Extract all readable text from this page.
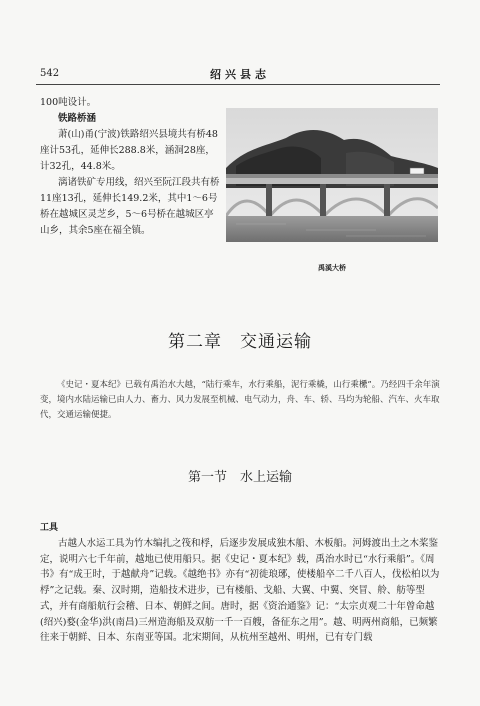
542	绍兴县志

100吨设计。

铁路桥涵

萧(山)甬(宁波)铁路绍兴县境共有桥48座计53孔，延伸长288.8米，涵洞28座，计32孔，44.8米。

漓诸铁矿专用线，绍兴至阮江段共有桥11座13孔，延伸长149.2米，其中1～6号桥在越城区灵芝乡，5～6号桥在越城区亭山乡，其余5座在福全镇。

禹溪大桥
第二章　交通运输

《史记・夏本纪》已载有禹治水大越，“陆行乘车，水行乘船，泥行乘橇，山行乘欙”。乃经四千余年演变，境内水陆运输已由人力、畜力、风力发展至机械、电气动力，舟、车、轿、马均为轮船、汽车、火车取代，交通运输便捷。

第一节　水上运输
工具

古越人水运工具为竹木编扎之筏和桴，后逐步发展成独木船、木板船。河姆渡出土之木桨鉴定，说明六七千年前，越地已使用船只。据《史记・夏本纪》载，禹治水时已“水行乘船”。《周书》有“成王时，于越献舟”记载。《越绝书》亦有“初徙琅琊，使楼船卒二千八百人，伐松柏以为桴”之记载。秦、汉时期，造船技术进步，已有楼船、戈船、大翼、中翼、突冒、舲、舫等型式，并有商船航行会稽、日本、朝鲜之间。唐时，据《资治通鉴》记：“太宗贞观二十年曾命越(绍兴)婺(金华)洪(南昌)三州造海船及双舫一千一百艘，备征东之用”。越、明两州商船，已频繁往来于朝鲜、日本、东南亚等国。北宋期间，从杭州至越州、明州，已有专门载
